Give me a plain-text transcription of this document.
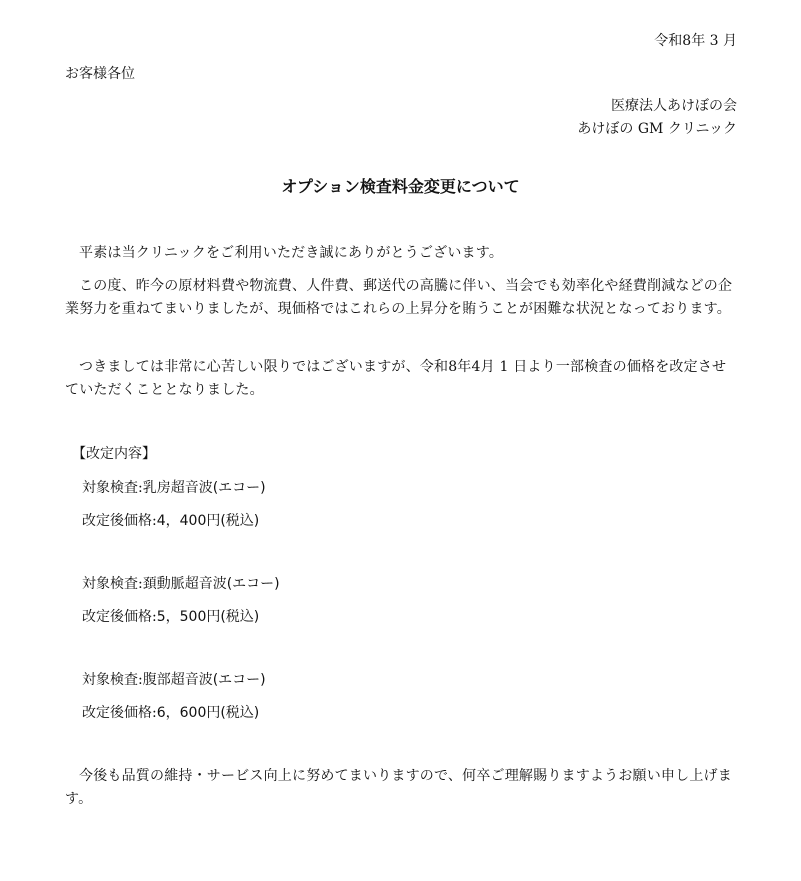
令和8年 3 月
お客様各位
医療法人あけぼの会
あけぼの GM クリニック
オプション検査料金変更について

平素は当クリニックをご利用いただき誠にありがとうございます。

この度、昨今の原材料費や物流費、人件費、郵送代の高騰に伴い、当会でも効率化や経費削減などの企業努力を重ねてまいりましたが、現価格ではこれらの上昇分を賄うことが困難な状況となっております。

つきましては非常に心苦しい限りではございますが、令和8年4月 1 日より一部検査の価格を改定させていただくこととなりました。

【改定内容】
対象検査:乳房超音波(エコー)
改定後価格:4，400円(税込)
対象検査:頚動脈超音波(エコー)
改定後価格:5，500円(税込)
対象検査:腹部超音波(エコー)
改定後価格:6，600円(税込)

今後も品質の維持・サービス向上に努めてまいりますので、何卒ご理解賜りますようお願い申し上げます。
